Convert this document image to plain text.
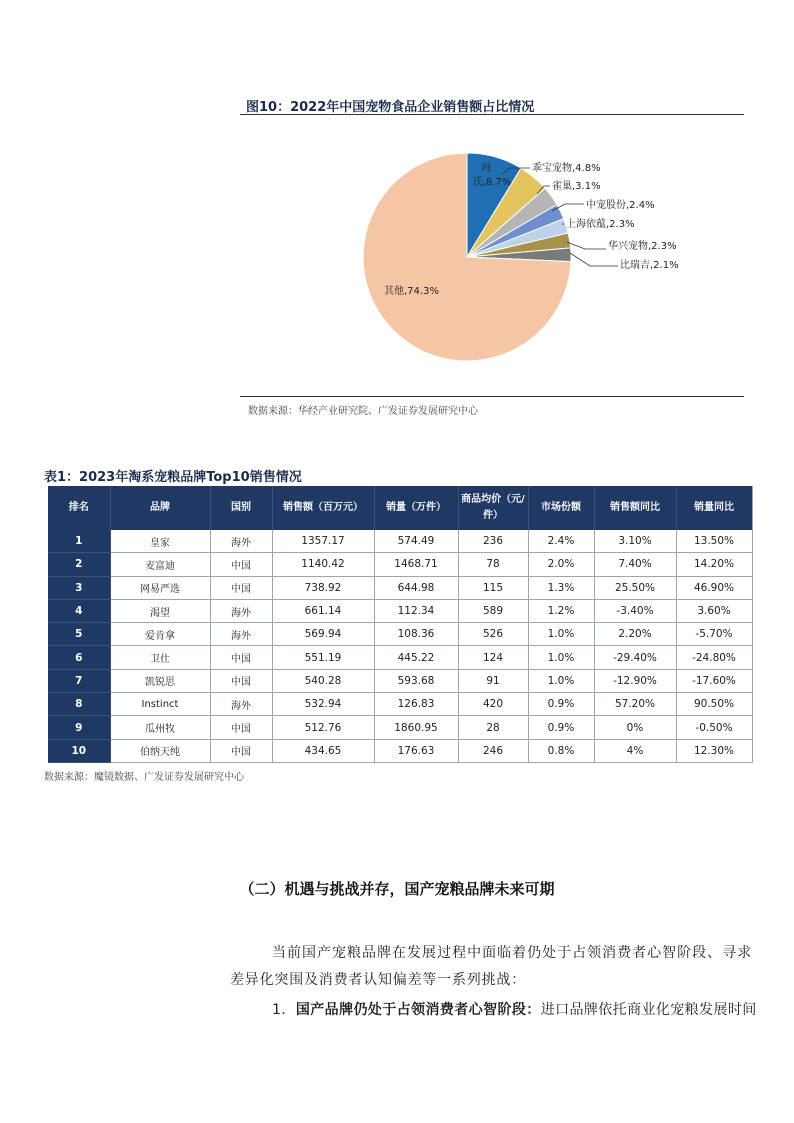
图10：2022年中国宠物食品企业销售额占比情况
玛
氏,8.7%
乖宝宠物,4.8%
雀巢,3.1%
中宠股份,2.4%
上海依蕴,2.3%
华兴宠物,2.3%
比瑞吉,2.1%
其他,74.3%
数据来源：华经产业研究院、广发证券发展研究中心
表1：2023年淘系宠粮品牌Top10销售情况
排名	品牌	国别	销售额（百万元）	销量（万件）	商品均价（元/件）	市场份额	销售额同比	销量同比
1	皇家	海外	1357.17	574.49	236	2.4%	3.10%	13.50%
2	麦富迪	中国	1140.42	1468.71	78	2.0%	7.40%	14.20%
3	网易严选	中国	738.92	644.98	115	1.3%	25.50%	46.90%
4	渴望	海外	661.14	112.34	589	1.2%	-3.40%	3.60%
5	爱肯拿	海外	569.94	108.36	526	1.0%	2.20%	-5.70%
6	卫仕	中国	551.19	445.22	124	1.0%	-29.40%	-24.80%
7	凯锐思	中国	540.28	593.68	91	1.0%	-12.90%	-17.60%
8	Instinct	海外	532.94	126.83	420	0.9%	57.20%	90.50%
9	瓜州牧	中国	512.76	1860.95	28	0.9%	0%	-0.50%
10	伯纳天纯	中国	434.65	176.63	246	0.8%	4%	12.30%
数据来源：魔镜数据、广发证券发展研究中心
（二）机遇与挑战并存，国产宠粮品牌未来可期
当前国产宠粮品牌在发展过程中面临着仍处于占领消费者心智阶段、寻求差异化突围及消费者认知偏差等一系列挑战：
1. 国产品牌仍处于占领消费者心智阶段：进口品牌依托商业化宠粮发展时间
